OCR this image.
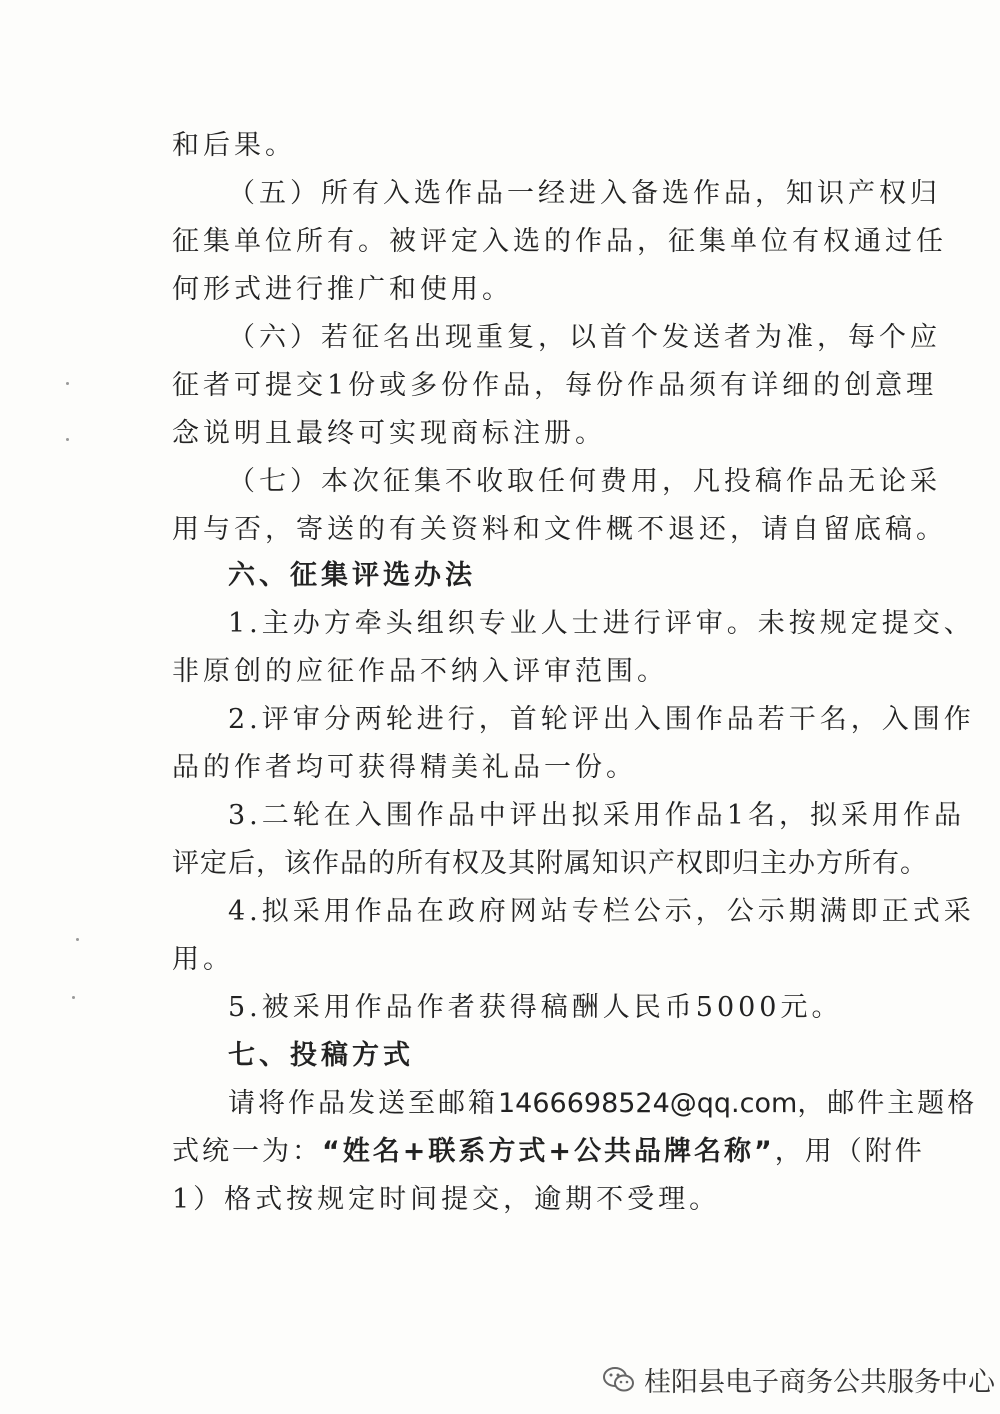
和后果。
（五）所有入选作品一经进入备选作品，知识产权归
征集单位所有。被评定入选的作品，征集单位有权通过任
何形式进行推广和使用。
（六）若征名出现重复，以首个发送者为准，每个应
征者可提交1份或多份作品，每份作品须有详细的创意理
念说明且最终可实现商标注册。
（七）本次征集不收取任何费用，凡投稿作品无论采
用与否，寄送的有关资料和文件概不退还，请自留底稿。
六、征集评选办法
1.主办方牵头组织专业人士进行评审。未按规定提交、
非原创的应征作品不纳入评审范围。
2.评审分两轮进行，首轮评出入围作品若干名，入围作
品的作者均可获得精美礼品一份。
3.二轮在入围作品中评出拟采用作品1名，拟采用作品
评定后，该作品的所有权及其附属知识产权即归主办方所有。
4.拟采用作品在政府网站专栏公示，公示期满即正式采
用。
5.被采用作品作者获得稿酬人民币5000元。
七、投稿方式
请将作品发送至邮箱1466698524@qq.com，邮件主题格
式统一为：“姓名+联系方式+公共品牌名称”，用（附件
1）格式按规定时间提交，逾期不受理。
桂阳县电子商务公共服务中心
